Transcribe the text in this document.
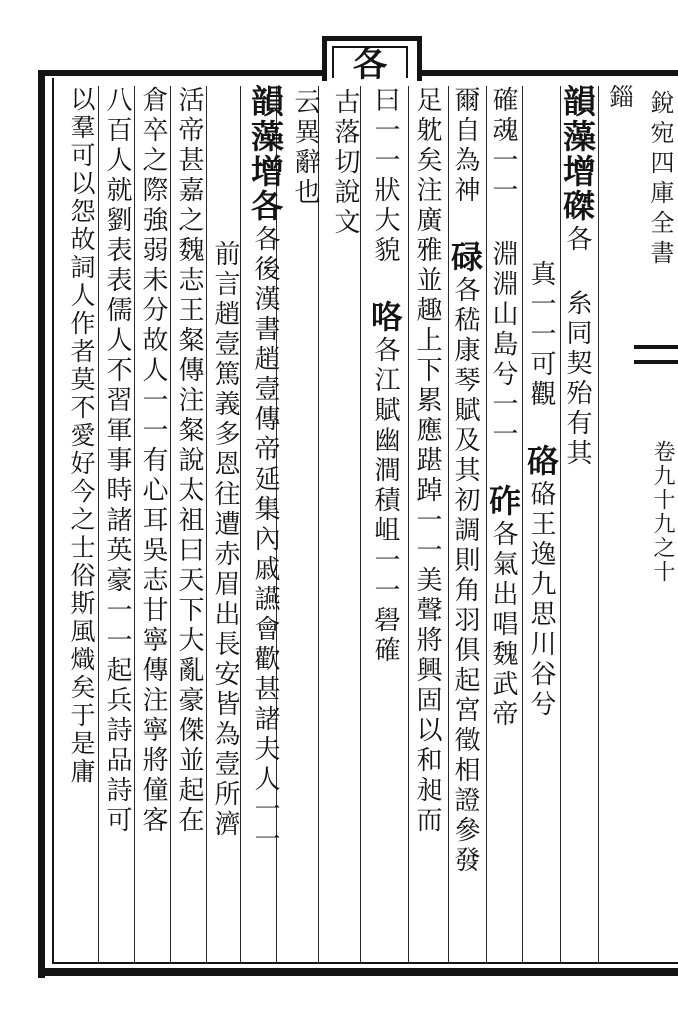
各
銳宛四庫全書
卷九十九之十
韻藻增磔各 糸同契殆有其
錙
真一一可觀 硌硌王逸九思川谷兮
確魂一一 淵淵山島兮一一 砟各氣出唱魏武帝
爾自為神 碌各嵇康琴賦及其初調則角羽俱起宮徵相證參發
足躭矣注廣雅並趣上下累應踸踔一一美聲將興固以和昶而
曰一一狀大貌 咯各江賦幽澗積岨一一礐確
古落切說文
云異辭也
韻藻增各各後漢書趙壹傳帝延集內戚讌會歡甚諸夫人一一
前言趙壹篤義多恩往遭赤眉出長安皆為壹所濟
活帝甚嘉之魏志王粲傳注粲說太祖曰天下大亂豪傑並起在
倉卒之際強弱未分故人一一有心耳吳志甘寧傳注寧將僮客
八百人就劉表表儒人不習軍事時諸英豪一一起兵詩品詩可
以羣可以怨故詞人作者莫不愛好今之士俗斯風熾矣于是庸
